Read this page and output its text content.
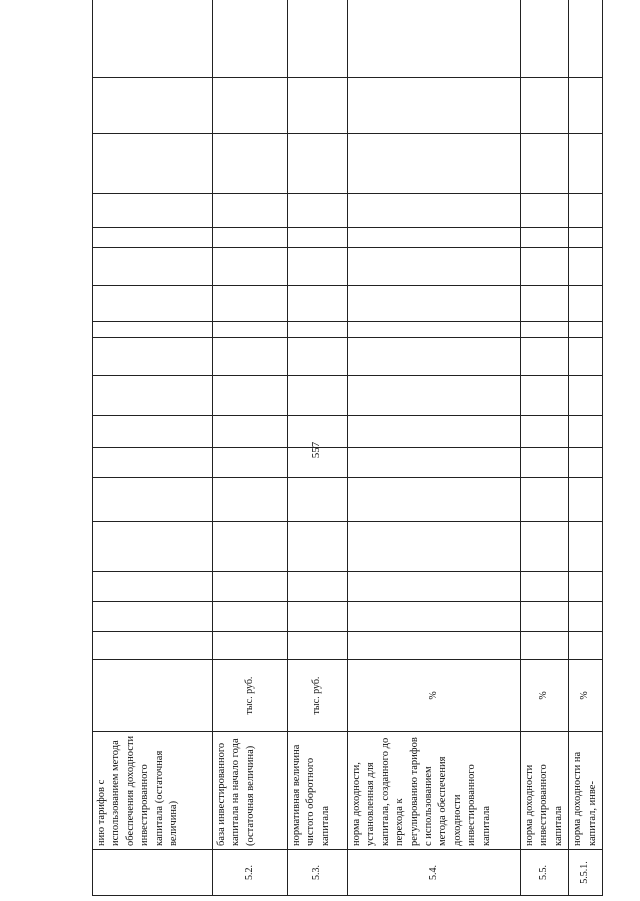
557
	нию тарифов с использованием метода обеспечения доходности инвестированного капитала (остаточная величина)																		
5.2.	база инвестированного капитала на начало года (остаточная величина)	тыс. руб.																	
5.3.	нормативная величина чистого оборотного капитала	тыс. руб.																	
5.4.	норма доходности, установленная для капитала, созданного до перехода к регулированию тарифов с использованием метода обеспечения доходности инвестированного капитала	%																	
5.5.	норма доходности инвестированного капитала	%																	
5.5.1.	норма доходности на капитал, инве-	%																	
